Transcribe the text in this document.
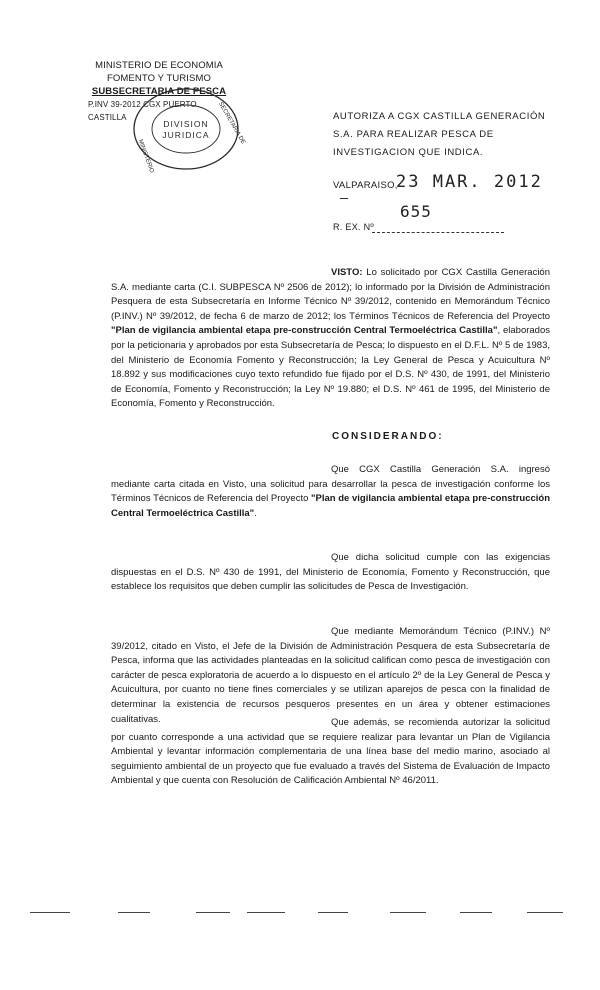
MINISTERIO DE ECONOMIA
FOMENTO Y TURISMO
SUBSECRETARIA DE PESCA
P.INV 39-2012 CGX PUERTO CASTILLA
DIVISION
JURIDICA
MINISTERIO
SECRETARIA DE	AUTORIZA A CGX CASTILLA GENERACIÓN S.A. PARA REALIZAR PESCA DE INVESTIGACION QUE INDICA.
VALPARAISO,
23 MAR. 2012
655
R. EX. Nº

VISTO: Lo solicitado por CGX Castilla Generación S.A. mediante carta (C.I. SUBPESCA Nº 2506 de 2012); lo informado por la División de Administración Pesquera de esta Subsecretaría en Informe Técnico Nº 39/2012, contenido en Memorándum Técnico (P.INV.) Nº 39/2012, de fecha 6 de marzo de 2012; los Términos Técnicos de Referencia del Proyecto "Plan de vigilancia ambiental etapa pre-construcción Central Termoeléctrica Castilla", elaborados por la peticionaria y aprobados por esta Subsecretaría de Pesca; lo dispuesto en el D.F.L. Nº 5 de 1983, del Ministerio de Economía Fomento y Reconstrucción; la Ley General de Pesca y Acuicultura Nº 18.892 y sus modificaciones cuyo texto refundido fue fijado por el D.S. Nº 430, de 1991, del Ministerio de Economía, Fomento y Reconstrucción; la Ley Nº 19.880; el D.S. Nº 461 de 1995, del Ministerio de Economía, Fomento y Reconstrucción.

CONSIDERANDO:

Que CGX Castilla Generación S.A. ingresó mediante carta citada en Visto, una solicitud para desarrollar la pesca de investigación conforme los Términos Técnicos de Referencia del Proyecto "Plan de vigilancia ambiental etapa pre-construcción Central Termoeléctrica Castilla".

Que dicha solicitud cumple con las exigencias dispuestas en el D.S. Nº 430 de 1991, del Ministerio de Economía, Fomento y Reconstrucción, que establece los requisitos que deben cumplir las solicitudes de Pesca de Investigación.

Que mediante Memorándum Técnico (P.INV.) Nº 39/2012, citado en Visto, el Jefe de la División de Administración Pesquera de esta Subsecretaría de Pesca, informa que las actividades planteadas en la solicitud califican como pesca de investigación con carácter de pesca exploratoria de acuerdo a lo dispuesto en el artículo 2º de la Ley General de Pesca y Acuicultura, por cuanto no tiene fines comerciales y se utilizan aparejos de pesca con la finalidad de determinar la existencia de recursos pesqueros presentes en un área y obtener estimaciones cualitativas.	Que además, se recomienda autorizar la solicitud por cuanto corresponde a una actividad que se requiere realizar para levantar un Plan de Vigilancia Ambiental y levantar información complementaria de una línea base del medio marino, asociado al seguimiento ambiental de un proyecto que fue evaluado a través del Sistema de Evaluación de Impacto Ambiental y que cuenta con Resolución de Calificación Ambiental Nº 46/2011.
